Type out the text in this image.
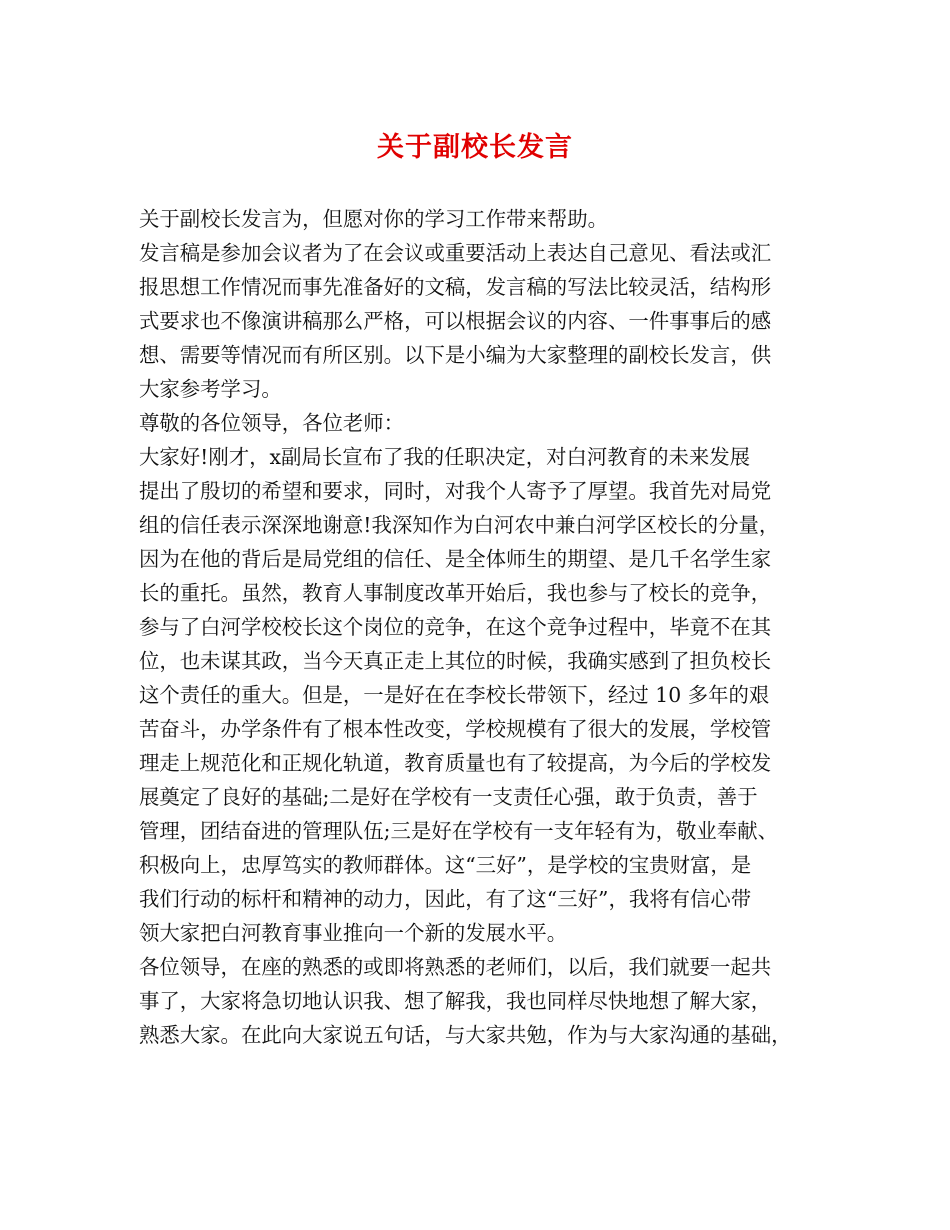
关于副校长发言
关于副校长发言为，但愿对你的学习工作带来帮助。
发言稿是参加会议者为了在会议或重要活动上表达自己意见、看法或汇
报思想工作情况而事先准备好的文稿，发言稿的写法比较灵活，结构形
式要求也不像演讲稿那么严格，可以根据会议的内容、一件事事后的感
想、需要等情况而有所区别。以下是小编为大家整理的副校长发言，供
大家参考学习。
尊敬的各位领导，各位老师：
大家好!刚才，x副局长宣布了我的任职决定，对白河教育的未来发展
提出了殷切的希望和要求，同时，对我个人寄予了厚望。我首先对局党
组的信任表示深深地谢意!我深知作为白河农中兼白河学区校长的分量，
因为在他的背后是局党组的信任、是全体师生的期望、是几千名学生家
长的重托。虽然，教育人事制度改革开始后，我也参与了校长的竞争，
参与了白河学校校长这个岗位的竞争，在这个竞争过程中，毕竟不在其
位，也未谋其政，当今天真正走上其位的时候，我确实感到了担负校长
这个责任的重大。但是，一是好在在李校长带领下，经过 10 多年的艰
苦奋斗，办学条件有了根本性改变，学校规模有了很大的发展，学校管
理走上规范化和正规化轨道，教育质量也有了较提高，为今后的学校发
展奠定了良好的基础;二是好在学校有一支责任心强，敢于负责，善于
管理，团结奋进的管理队伍;三是好在学校有一支年轻有为，敬业奉献、
积极向上，忠厚笃实的教师群体。这“三好”，是学校的宝贵财富，是
我们行动的标杆和精神的动力，因此，有了这“三好”，我将有信心带
领大家把白河教育事业推向一个新的发展水平。
各位领导，在座的熟悉的或即将熟悉的老师们，以后，我们就要一起共
事了，大家将急切地认识我、想了解我，我也同样尽快地想了解大家，
熟悉大家。在此向大家说五句话，与大家共勉，作为与大家沟通的基础，
